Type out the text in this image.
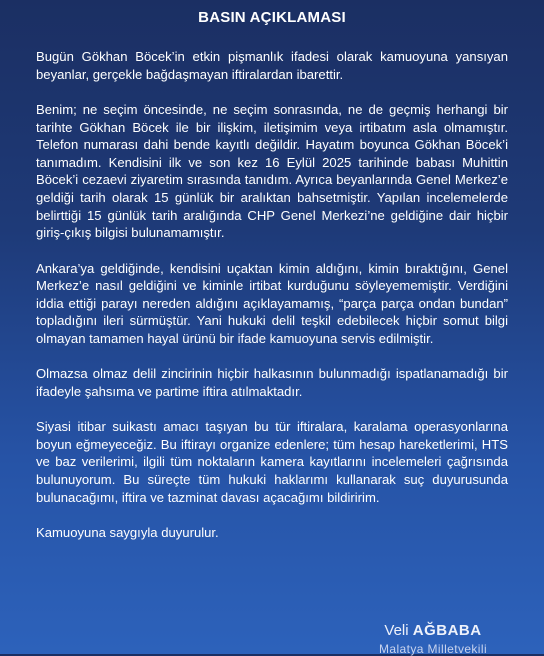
BASIN AÇIKLAMASI

Bugün Gökhan Böcek’in etkin pişmanlık ifadesi olarak kamuoyuna yansıyan beyanlar, gerçekle bağdaşmayan iftiralardan ibarettir.

Benim; ne seçim öncesinde, ne seçim sonrasında, ne de geçmiş herhangi bir tarihte Gökhan Böcek ile bir ilişkim, iletişimim veya irtibatım asla olmamıştır. Telefon numarası dahi bende kayıtlı değildir. Hayatım boyunca Gökhan Böcek’i tanımadım. Kendisini ilk ve son kez 16 Eylül 2025 tarihinde babası Muhittin Böcek’i cezaevi ziyaretim sırasında tanıdım. Ayrıca beyanlarında Genel Merkez’e geldiği tarih olarak 15 günlük bir aralıktan bahsetmiştir. Yapılan incelemelerde belirttiği 15 günlük tarih aralığında CHP Genel Merkezi’ne geldiğine dair hiçbir giriş-çıkış bilgisi bulunamamıştır.

Ankara’ya geldiğinde, kendisini uçaktan kimin aldığını, kimin bıraktığını, Genel Merkez’e nasıl geldiğini ve kiminle irtibat kurduğunu söyleyememiştir. Verdiğini iddia ettiği parayı nereden aldığını açıklayamamış, “parça parça ondan bundan” topladığını ileri sürmüştür. Yani hukuki delil teşkil edebilecek hiçbir somut bilgi olmayan tamamen hayal ürünü bir ifade kamuoyuna servis edilmiştir.

Olmazsa olmaz delil zincirinin hiçbir halkasının bulunmadığı ispatlanamadığı bir ifadeyle şahsıma ve partime iftira atılmaktadır.

Siyasi itibar suikastı amacı taşıyan bu tür iftiralara, karalama operasyonlarına boyun eğmeyeceğiz. Bu iftirayı organize edenlere; tüm hesap hareketlerimi, HTS ve baz verilerimi, ilgili tüm noktaların kamera kayıtlarını incelemeleri çağrısında bulunuyorum. Bu süreçte tüm hukuki haklarımı kullanarak suç duyurusunda bulunacağımı, iftira ve tazminat davası açacağımı bildiririm.

Kamuoyuna saygıyla duyurulur.

Veli AĞBABA
Malatya Milletvekili
